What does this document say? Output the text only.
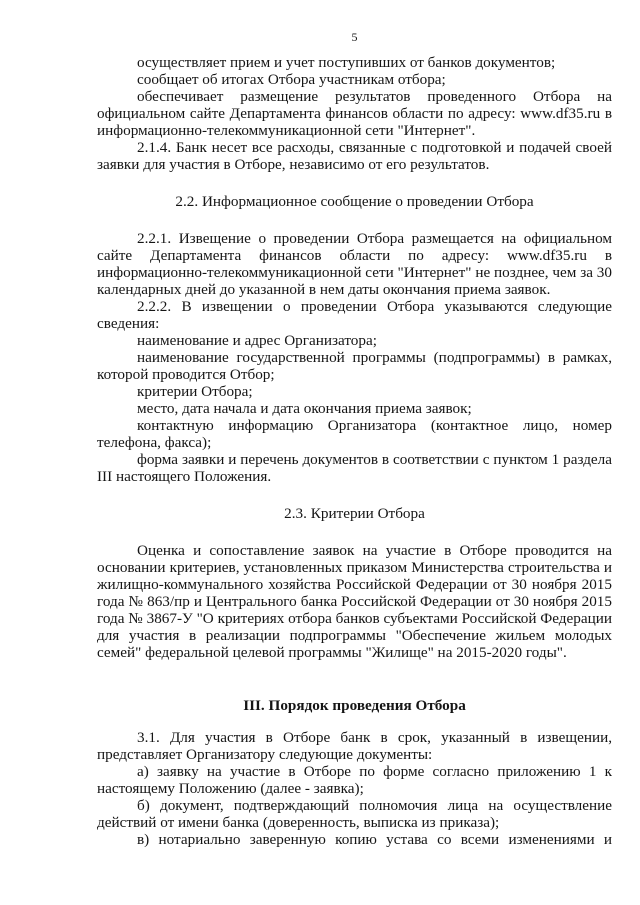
5

осуществляет прием и учет поступивших от банков документов;

сообщает об итогах Отбора участникам отбора;

обеспечивает размещение результатов проведенного Отбора на официальном сайте Департамента финансов области по адресу: www.df35.ru в информационно-телекоммуникационной сети "Интернет".

2.1.4. Банк несет все расходы, связанные с подготовкой и подачей своей заявки для участия в Отборе, независимо от его результатов.

2.2. Информационное сообщение о проведении Отбора

2.2.1. Извещение о проведении Отбора размещается на официальном сайте Департамента финансов области по адресу: www.df35.ru в информационно-телекоммуникационной сети "Интернет" не позднее, чем за 30 календарных дней до указанной в нем даты окончания приема заявок.

2.2.2. В извещении о проведении Отбора указываются следующие сведения:

наименование и адрес Организатора;

наименование государственной программы (подпрограммы) в рамках, которой проводится Отбор;

критерии Отбора;

место, дата начала и дата окончания приема заявок;

контактную информацию Организатора (контактное лицо, номер телефона, факса);

форма заявки и перечень документов в соответствии с пунктом 1 раздела III настоящего Положения.

2.3. Критерии Отбора

Оценка и сопоставление заявок на участие в Отборе проводится на основании критериев, установленных приказом Министерства строительства и жилищно-коммунального хозяйства Российской Федерации от 30 ноября 2015 года № 863/пр и Центрального банка Российской Федерации от 30 ноября 2015 года № 3867-У "О критериях отбора банков субъектами Российской Федерации для участия в реализации подпрограммы "Обеспечение жильем молодых семей" федеральной целевой программы "Жилище" на 2015-2020 годы".

III. Порядок проведения Отбора

3.1. Для участия в Отборе банк в срок, указанный в извещении, представляет Организатору следующие документы:

а) заявку на участие в Отборе по форме согласно приложению 1 к настоящему Положению (далее - заявка);

б) документ, подтверждающий полномочия лица на осуществление действий от имени банка (доверенность, выписка из приказа);

в) нотариально заверенную копию устава со всеми изменениями и
